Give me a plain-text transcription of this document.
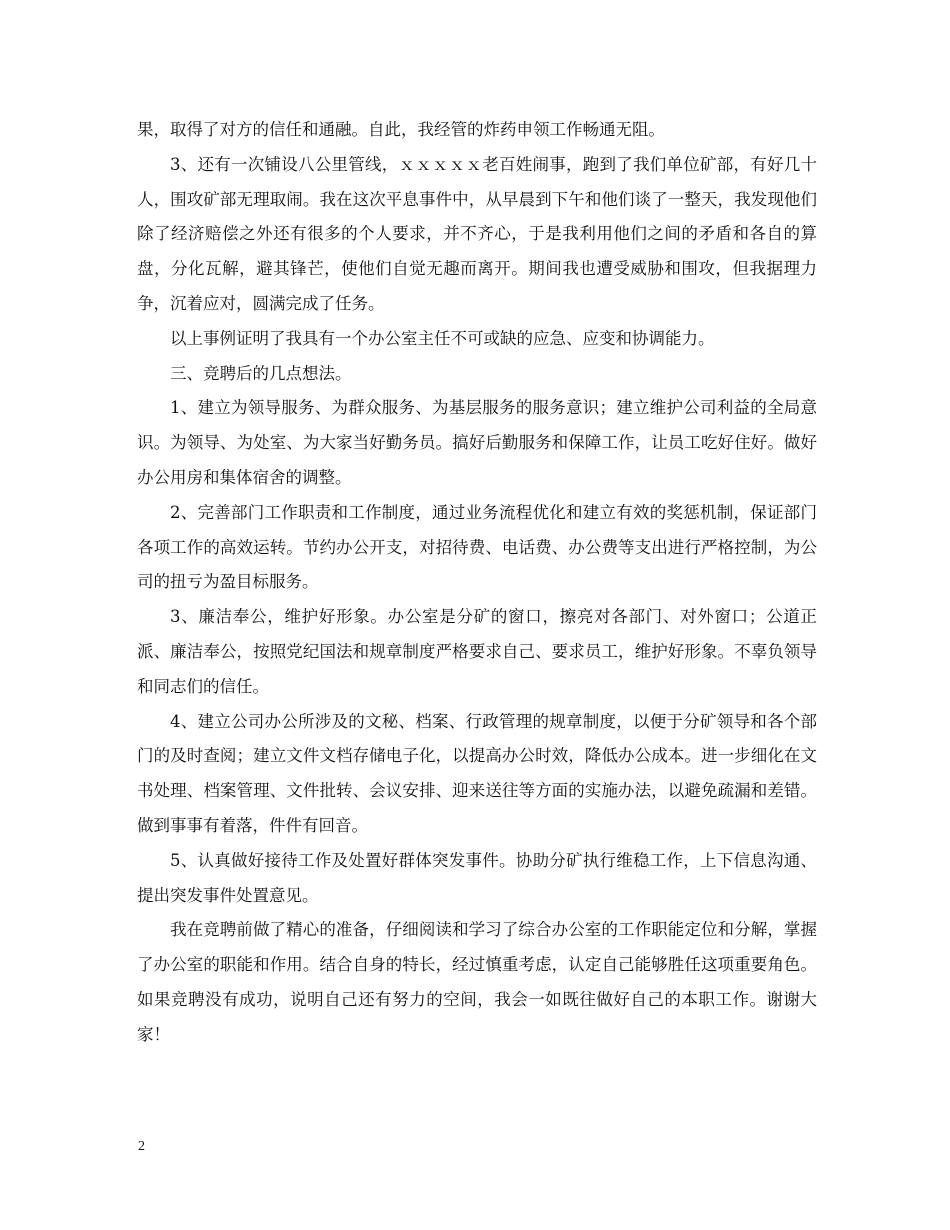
果，取得了对方的信任和通融。自此，我经管的炸药申领工作畅通无阻。

3、还有一次铺设八公里管线，ｘｘｘｘｘ老百姓闹事，跑到了我们单位矿部，有好几十人，围攻矿部无理取闹。我在这次平息事件中，从早晨到下午和他们谈了一整天，我发现他们除了经济赔偿之外还有很多的个人要求，并不齐心，于是我利用他们之间的矛盾和各自的算盘，分化瓦解，避其锋芒，使他们自觉无趣而离开。期间我也遭受威胁和围攻，但我据理力争，沉着应对，圆满完成了任务。

以上事例证明了我具有一个办公室主任不可或缺的应急、应变和协调能力。

三、竞聘后的几点想法。

1、建立为领导服务、为群众服务、为基层服务的服务意识；建立维护公司利益的全局意识。为领导、为处室、为大家当好勤务员。搞好后勤服务和保障工作，让员工吃好住好。做好办公用房和集体宿舍的调整。

2、完善部门工作职责和工作制度，通过业务流程优化和建立有效的奖惩机制，保证部门各项工作的高效运转。节约办公开支，对招待费、电话费、办公费等支出进行严格控制，为公司的扭亏为盈目标服务。

3、廉洁奉公，维护好形象。办公室是分矿的窗口，擦亮对各部门、对外窗口；公道正派、廉洁奉公，按照党纪国法和规章制度严格要求自己、要求员工，维护好形象。不辜负领导和同志们的信任。

4、建立公司办公所涉及的文秘、档案、行政管理的规章制度，以便于分矿领导和各个部门的及时查阅；建立文件文档存储电子化，以提高办公时效，降低办公成本。进一步细化在文书处理、档案管理、文件批转、会议安排、迎来送往等方面的实施办法，以避免疏漏和差错。做到事事有着落，件件有回音。

5、认真做好接待工作及处置好群体突发事件。协助分矿执行维稳工作，上下信息沟通、提出突发事件处置意见。

我在竞聘前做了精心的准备，仔细阅读和学习了综合办公室的工作职能定位和分解，掌握了办公室的职能和作用。结合自身的特长，经过慎重考虑，认定自己能够胜任这项重要角色。如果竞聘没有成功，说明自己还有努力的空间，我会一如既往做好自己的本职工作。谢谢大家！

2
